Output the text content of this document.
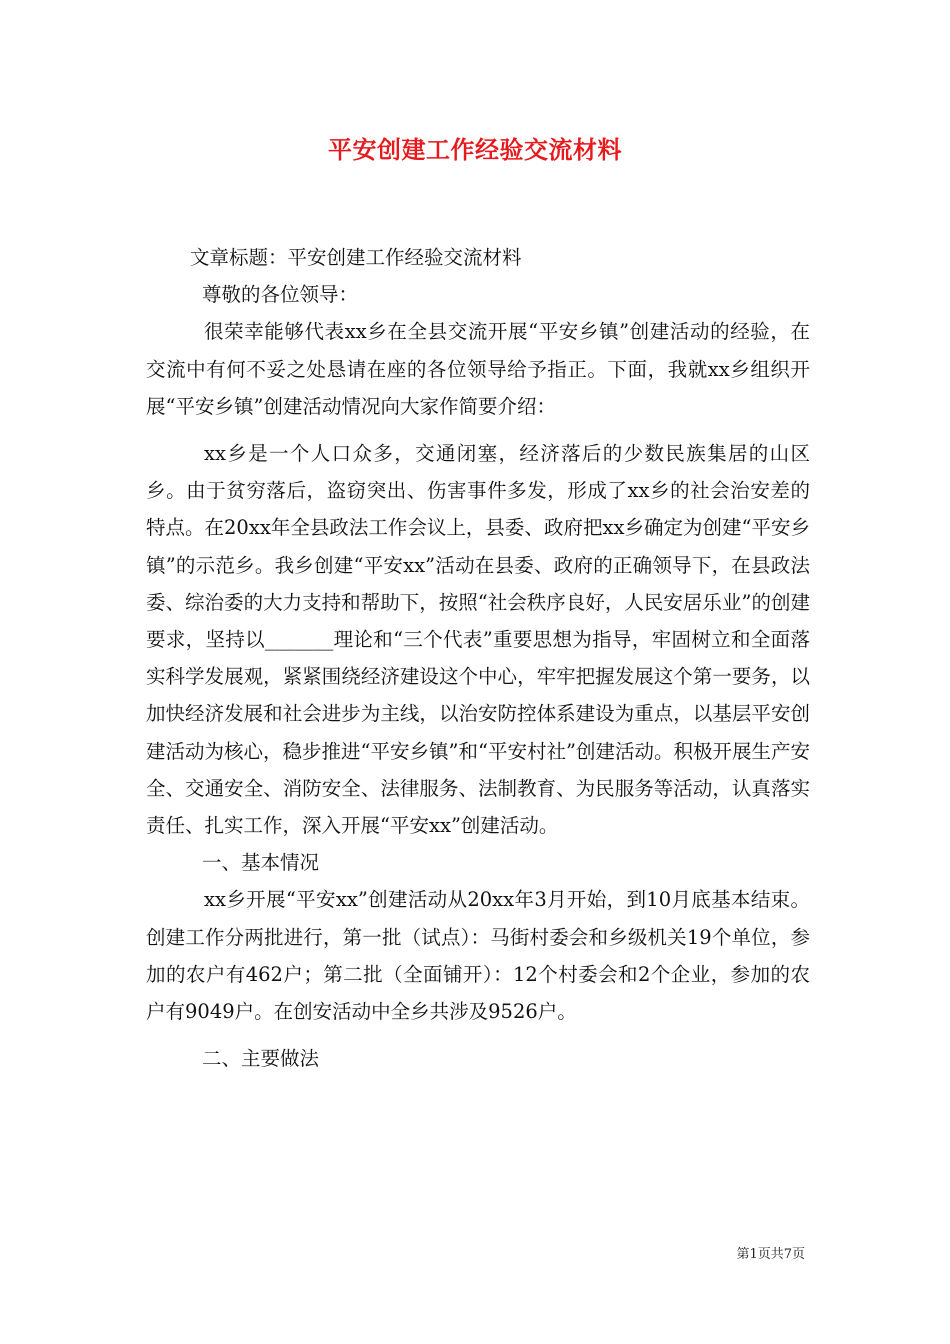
平安创建工作经验交流材料

文章标题：平安创建工作经验交流材料

尊敬的各位领导：

很荣幸能够代表xx乡在全县交流开展“平安乡镇”创建活动的经验，在交流中有何不妥之处恳请在座的各位领导给予指正。下面，我就xx乡组织开展“平安乡镇”创建活动情况向大家作简要介绍：

xx乡是一个人口众多，交通闭塞，经济落后的少数民族集居的山区乡。由于贫穷落后，盗窃突出、伤害事件多发，形成了xx乡的社会治安差的特点。在20xx年全县政法工作会议上，县委、政府把xx乡确定为创建“平安乡镇”的示范乡。我乡创建“平安xx”活动在县委、政府的正确领导下，在县政法委、综治委的大力支持和帮助下，按照“社会秩序良好，人民安居乐业”的创建要求，坚持以_______理论和“三个代表”重要思想为指导，牢固树立和全面落实科学发展观，紧紧围绕经济建设这个中心，牢牢把握发展这个第一要务，以加快经济发展和社会进步为主线，以治安防控体系建设为重点，以基层平安创建活动为核心，稳步推进“平安乡镇”和“平安村社”创建活动。积极开展生产安全、交通安全、消防安全、法律服务、法制教育、为民服务等活动，认真落实责任、扎实工作，深入开展“平安xx”创建活动。

一、基本情况

xx乡开展“平安xx”创建活动从20xx年3月开始，到10月底基本结束。创建工作分两批进行，第一批（试点）：马街村委会和乡级机关19个单位，参加的农户有462户；第二批（全面铺开）：12个村委会和2个企业，参加的农户有9049户。在创安活动中全乡共涉及9526户。

二、主要做法

第1页共7页
